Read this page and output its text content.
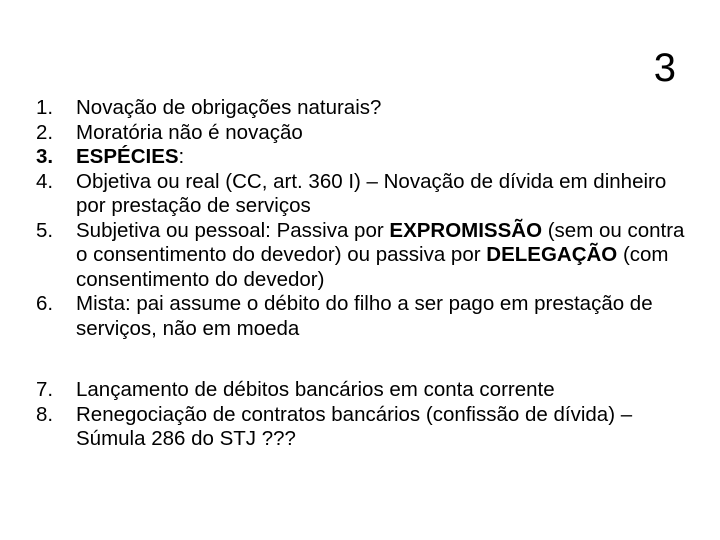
3
1.	Novação de obrigações naturais?
2.	Moratória não é novação
3.	ESPÉCIES:
4.	Objetiva ou real (CC, art. 360 I) – Novação de dívida em dinheiro por prestação de serviços
5.	Subjetiva ou pessoal: Passiva por EXPROMISSÃO (sem ou contra o consentimento do devedor) ou passiva por DELEGAÇÃO (com consentimento do devedor)
6.	Mista: pai assume o débito do filho a ser pago em prestação de serviços, não em moeda
7.	Lançamento de débitos bancários em conta corrente
8.	Renegociação de contratos bancários (confissão de dívida) – Súmula 286 do STJ ???
